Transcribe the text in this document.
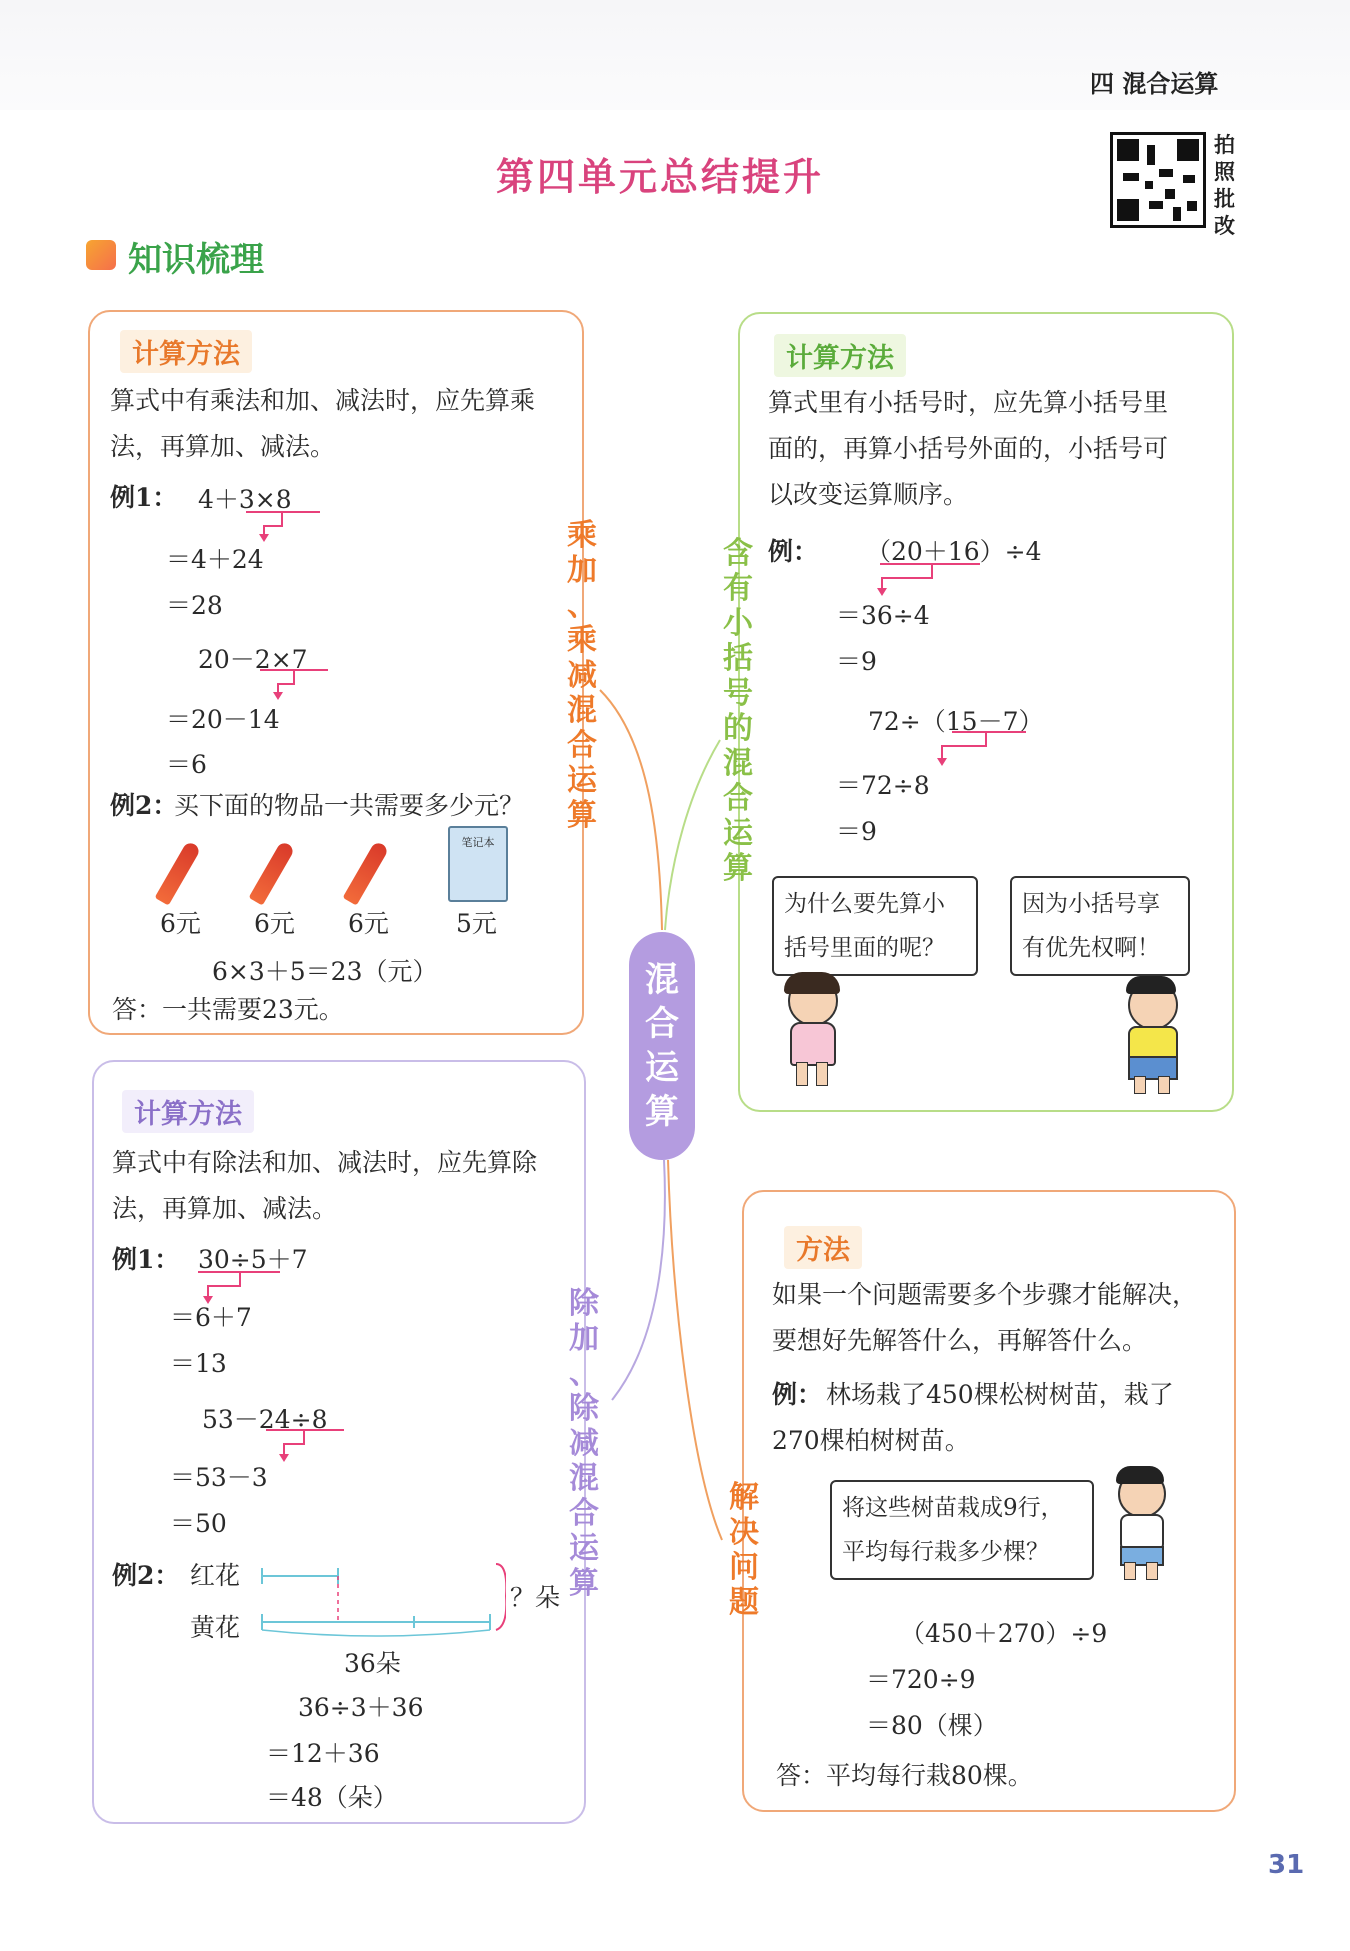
四 混合运算
第四单元总结提升
拍
照
批
改
知识梳理
混
合
运
算
计算方法
算式中有乘法和加、减法时，应先算乘
法，再算加、减法。
例1： 4＋3×8
＝4＋24
＝28
20－2×7
＝20－14
＝6
例2：
买下面的物品一共需要多少元？
笔记本
6元 6元 6元	5元
6×3＋5＝23（元）
答：一共需要23元。
乘
加
、
乘
减
混
合
运
算
计算方法
算式里有小括号时，应先算小括号里
面的，再算小括号外面的，小括号可
以改变运算顺序。
例： （20＋16）÷4
＝36÷4
＝9
72÷（15－7）
＝72÷8
＝9
为什么要先算小
括号里面的呢？
因为小括号享
有优先权啊！
含
有
小
括
号
的
混
合
运
算
计算方法
算式中有除法和加、减法时，应先算除
法，再算加、减法。
例1： 30÷5＋7
＝6＋7
＝13
53－24÷8
＝53－3
＝50
例2： 红花
黄花
？朵
36朵
36÷3＋36
＝12＋36
＝48（朵）
除
加
、
除
减
混
合
运
算
方法
如果一个问题需要多个步骤才能解决，
要想好先解答什么，再解答什么。
例： 林场栽了450棵松树树苗，栽了
270棵柏树树苗。
将这些树苗栽成9行，
平均每行栽多少棵？
（450＋270）÷9
＝720÷9
＝80（棵）
答：平均每行栽80棵。
解
决
问
题
31
